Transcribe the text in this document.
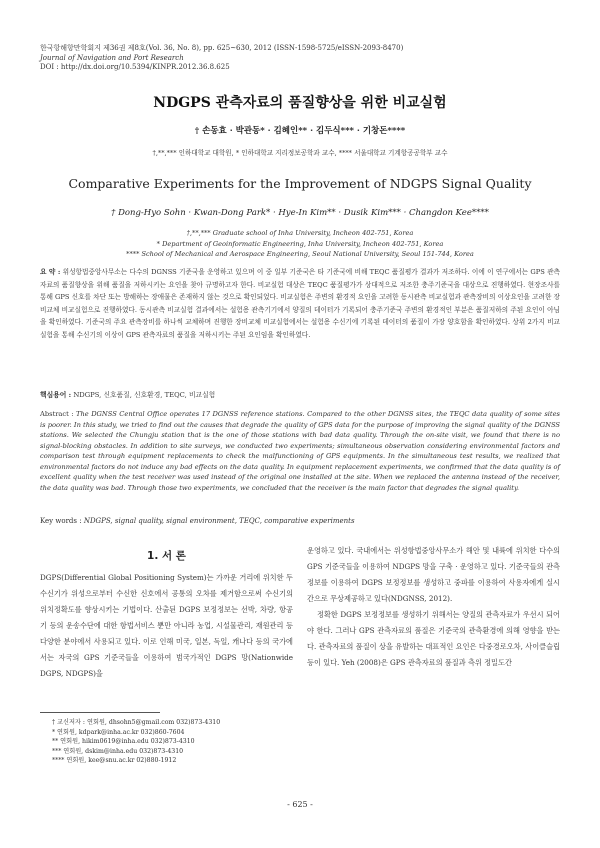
한국항해항만학회지 제36권 제8호(Vol. 36, No. 8), pp. 625~630, 2012 (ISSN-1598-5725/eISSN-2093-8470)
Journal of Navigation and Port Research
DOI : http://dx.doi.org/10.5394/KINPR.2012.36.8.625
NDGPS 관측자료의 품질향상을 위한 비교실험
† 손동효 · 박관동* · 김혜인** · 김두식*** · 기창돈****
†,**,*** 인하대학교 대학원, * 인하대학교 지리정보공학과 교수, **** 서울대학교 기계항공공학부 교수
Comparative Experiments for the Improvement of NDGPS Signal Quality
† Dong-Hyo Sohn · Kwan-Dong Park* · Hye-In Kim** · Dusik Kim*** · Changdon Kee****
†,**,*** Graduate school of Inha University, Incheon 402-751, Korea
* Department of Geoinformatic Engineering, Inha University, Incheon 402-751, Korea
**** School of Mechanical and Aerospace Engineering, Seoul National University, Seoul 151-744, Korea
요 약 : 위성항법중앙사무소는 다수의 DGNSS 기준국을 운영하고 있으며 이 중 일부 기준국은 타 기준국에 비해 TEQC 품질평가 결과가 저조하다. 이에 이 연구에서는 GPS 관측자료의 품질향상을 위해 품질을 저하시키는 요인을 찾아 규명하고자 한다. 비교실험 대상은 TEQC 품질평가가 상대적으로 저조한 충주기준국을 대상으로 진행하였다. 현장조사를 통해 GPS 신호를 차단 또는 방해하는 장애물은 존재하지 않는 것으로 확인되었다. 비교실험은 주변의 환경적 요인을 고려한 동시관측 비교실험과 관측장비의 이상요인을 고려한 장비교체 비교실험으로 진행하였다. 동시관측 비교실험 결과에서는 설험용 관측기기에서 양질의 데이터가 기록되어 충주기준국 주변의 환경적인 부분은 품질저하의 주된 요인이 아님을 확인하였다. 기준국의 주요 관측장비를 하나씩 교체하며 진행한 장비교체 비교실험에서는 설험용 수신기에 기록된 데이터의 품질이 가장 양호함을 확인하였다. 상위 2가지 비교실험을 통해 수신기의 이상이 GPS 관측자료의 품질을 저하시키는 주된 요인임을 확인하였다.
핵심용어 : NDGPS, 신호품질, 신호환경, TEQC, 비교실험
Abstract : The DGNSS Central Office operates 17 DGNSS reference stations. Compared to the other DGNSS sites, the TEQC data quality of some sites is poorer. In this study, we tried to find out the causes that degrade the quality of GPS data for the purpose of improving the signal quality of the DGNSS stations. We selected the Chungju station that is the one of those stations with bad data quality. Through the on-site visit, we found that there is no signal-blocking obstacles. In addition to site surveys, we conducted two experiments; simultaneous observation considering environmental factors and comparison test through equipment replacements to check the malfunctioning of GPS equipments. In the simultaneous test results, we realized that environmental factors do not induce any bad effects on the data quality. In equipment replacement experiments, we confirmed that the data quality is of excellent quality when the test receiver was used instead of the original one installed at the site. When we replaced the antenna instead of the receiver, the data quality was bad. Through those two experiments, we concluded that the receiver is the main factor that degrades the signal quality.
Key words : NDGPS, signal quality, signal environment, TEQC, comparative experiments
1. 서 론
DGPS(Differential Global Positioning System)는 가까운 거리에 위치한 두 수신기가 위성으로부터 수신한 신호에서 공통의 오차를 제거함으로써 수신기의 위치정확도를 향상시키는 기법이다. 산출된 DGPS 보정정보는 선박, 차량, 항공기 등의 운송수단에 대한 항법서비스 뿐만 아니라 농업, 시설물관리, 재원관리 등 다양한 분야에서 사용되고 있다. 이로 인해 미국, 일본, 독일, 캐나다 등의 국가에서는 자국의 GPS 기준국들을 이용하여 범국가적인 DGPS 망(Nationwide DGPS, NDGPS)을
운영하고 있다. 국내에서는 위성항법중앙사무소가 해안 및 내륙에 위치한 다수의 GPS 기준국들을 이용하여 NDGPS 망을 구축 · 운영하고 있다. 기준국들의 관측정보를 이용하여 DGPS 보정정보를 생성하고 중파를 이용하여 사용자에게 실시간으로 무상제공하고 있다(NDGNSS, 2012).
정확한 DGPS 보정정보를 생성하기 위해서는 양질의 관측자료가 우선시 되어야 한다. 그러나 GPS 관측자료의 품질은 기준국의 관측환경에 의해 영향을 받는다. 관측자료의 품질이 상을 유발하는 대표적인 요인은 다중경로오차, 사이클슬립 등이 있다. Yeh (2008)은 GPS 관측자료의 품질과 측위 정밀도간
† 교신저자 : 연회원, dhsohn5@gmail.com 032)873-4310
* 연회원, kdpark@inha.ac.kr 032)860-7604
** 연회원, hikim0619@inha.edu 032)873-4310
*** 연회원, dskim@inha.edu 032)873-4310
**** 연회원, kee@snu.ac.kr 02)880-1912
- 625 -
